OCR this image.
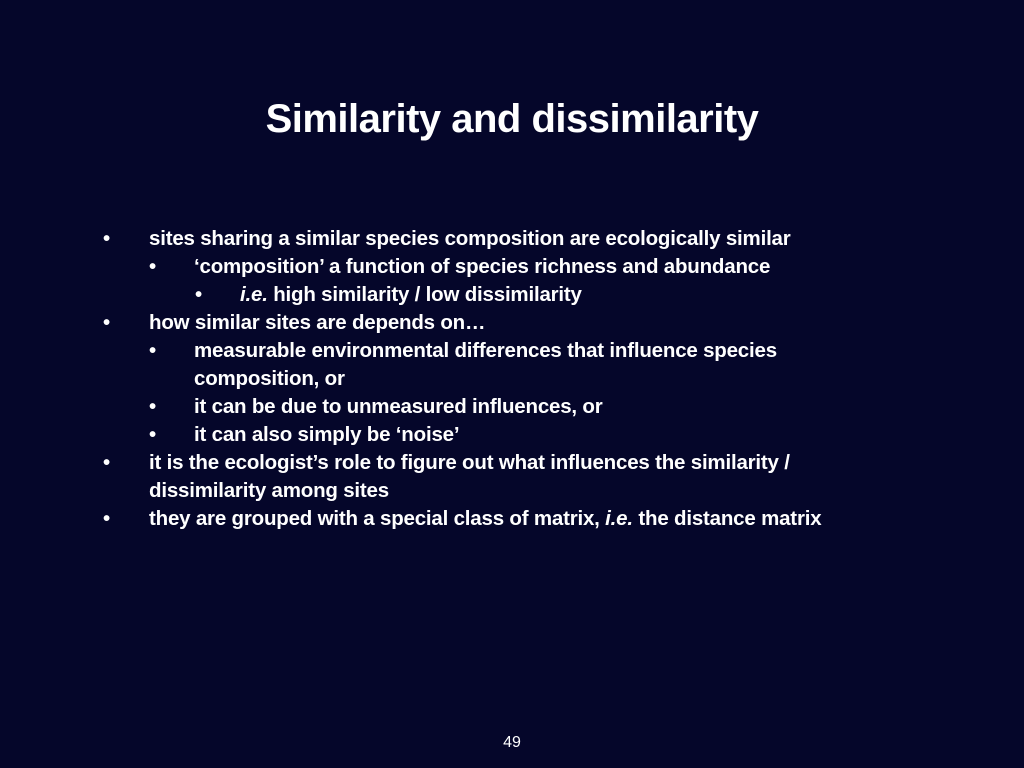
Similarity and dissimilarity
• sites sharing a similar species composition are ecologically similar
• ‘composition’ a function of species richness and abundance
• i.e. high similarity / low dissimilarity
• how similar sites are depends on…
• measurable environmental differences that influence species composition, or
• it can be due to unmeasured influences, or
• it can also simply be ‘noise’
• it is the ecologist’s role to figure out what influences the similarity / dissimilarity among sites
• they are grouped with a special class of matrix, i.e. the distance matrix
49
